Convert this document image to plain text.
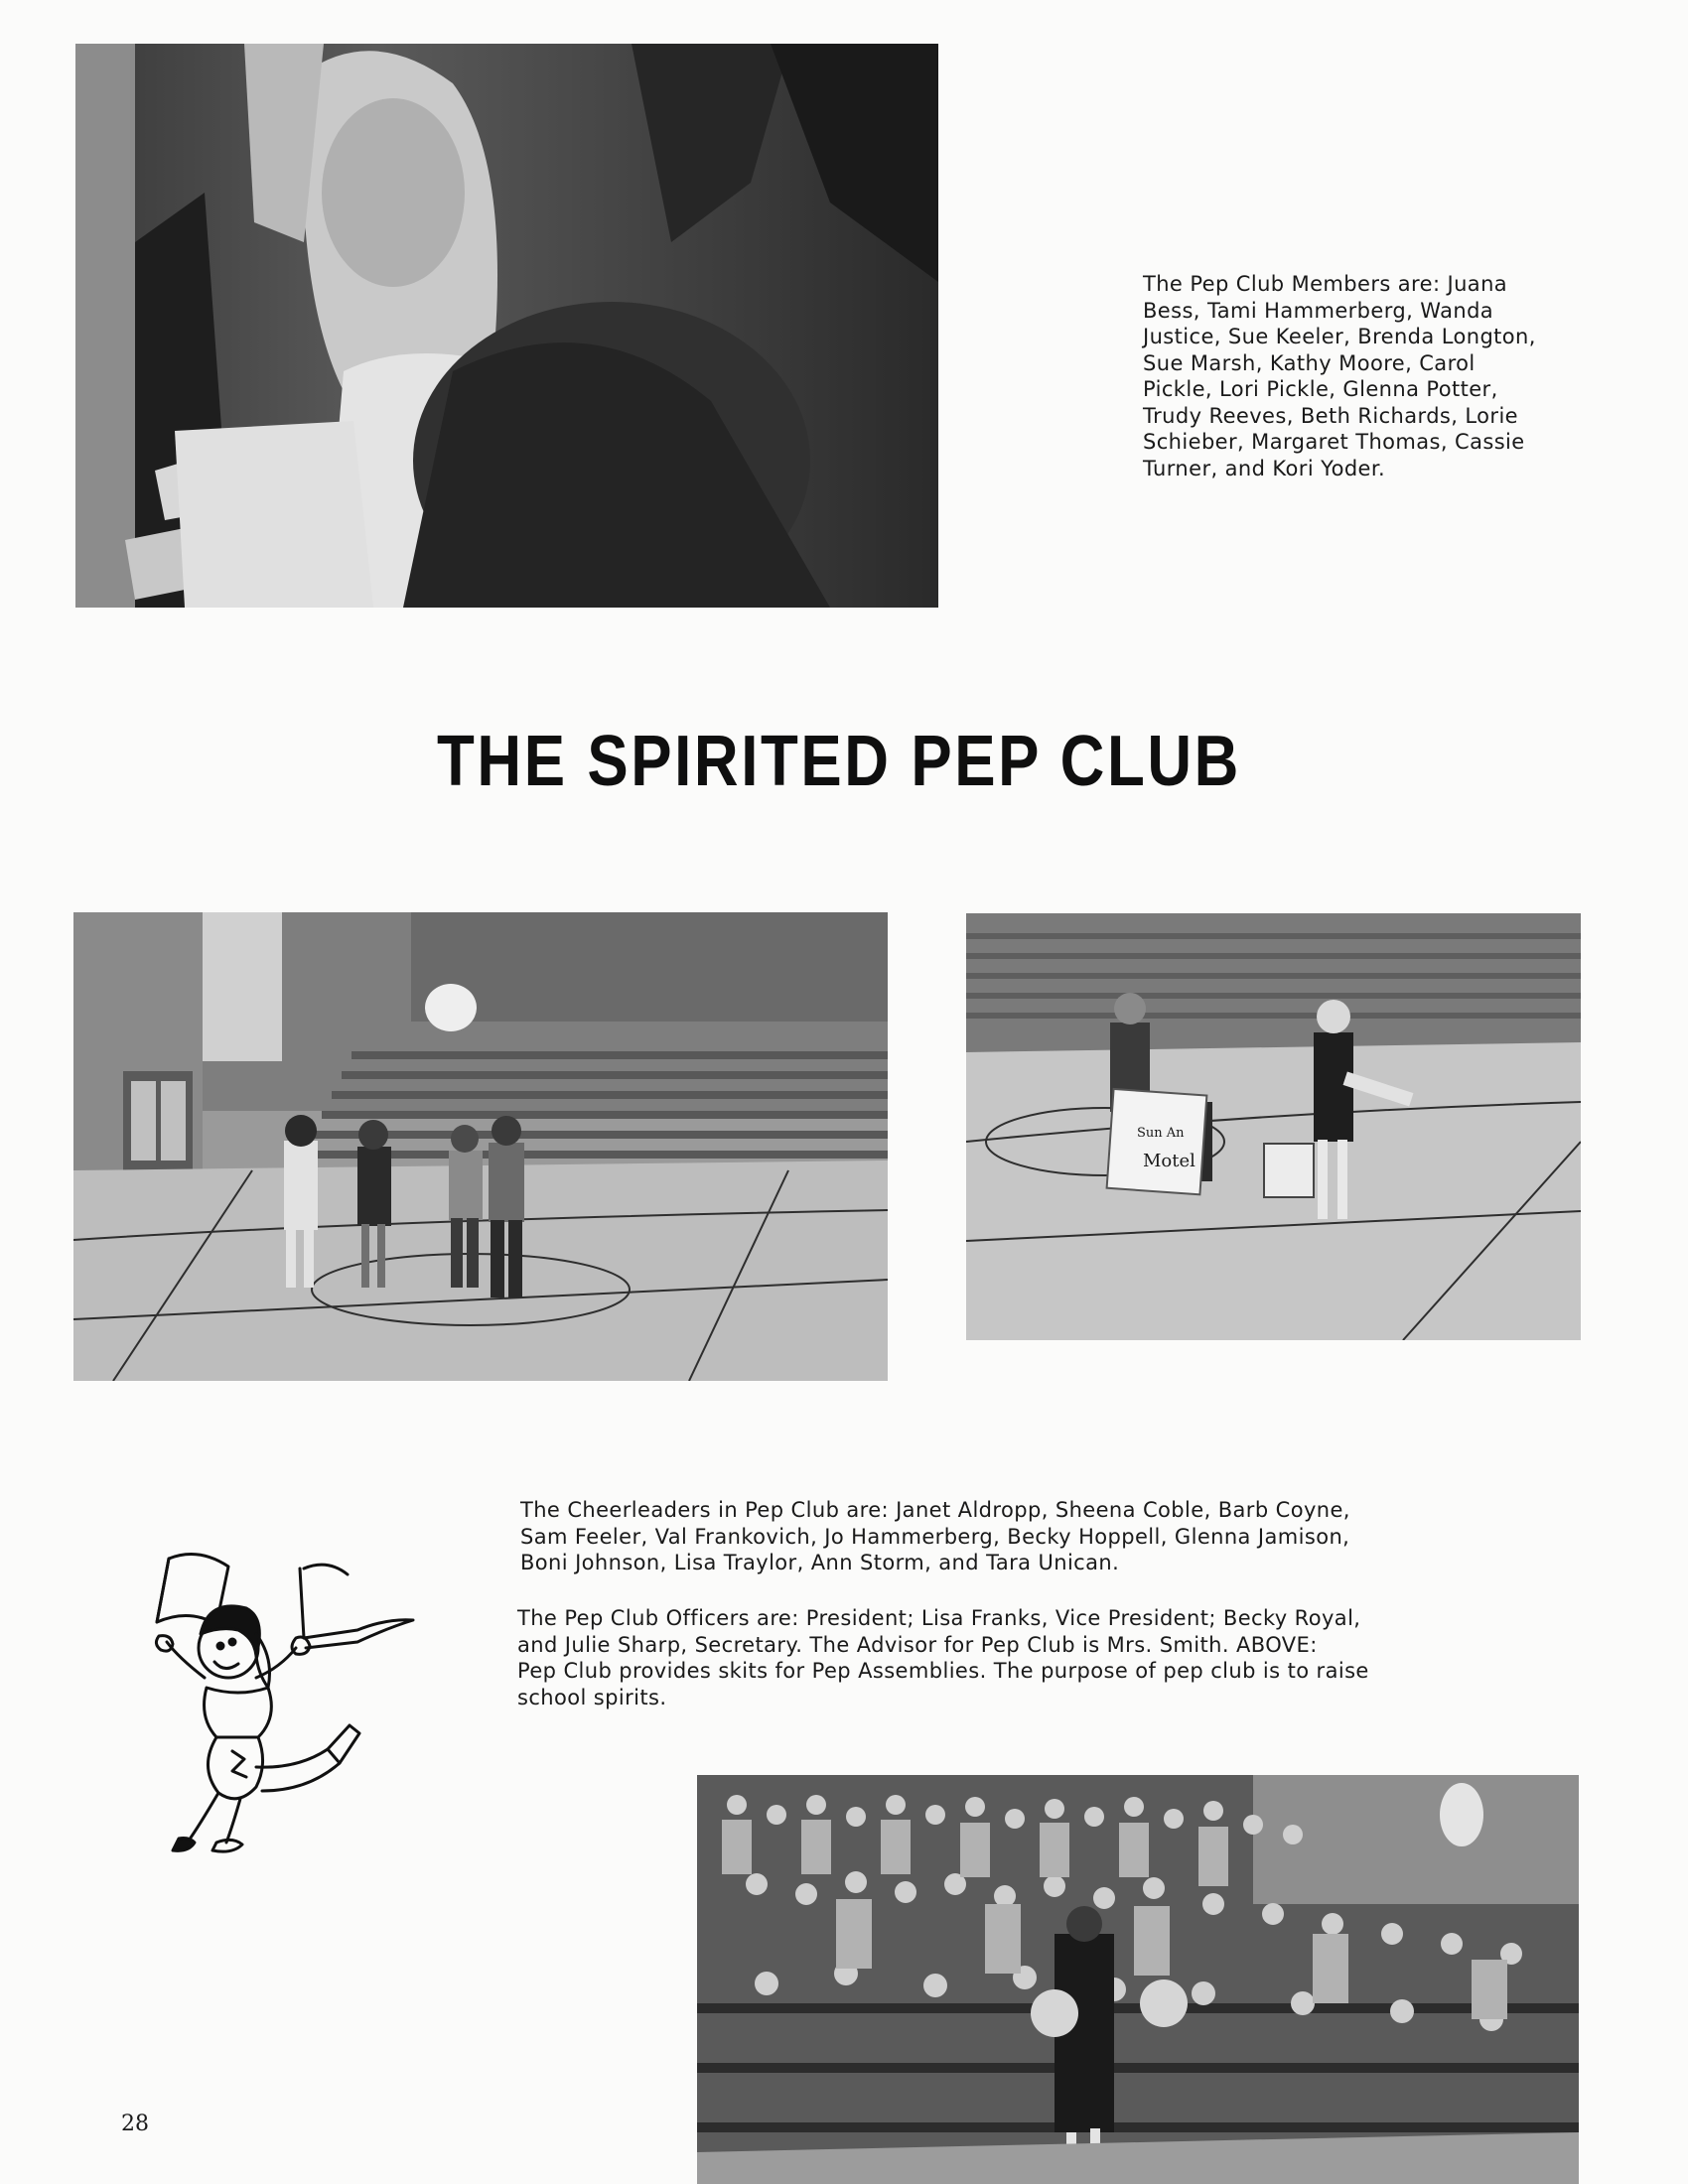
The Pep Club Members are: Juana
Bess, Tami Hammerberg, Wanda
Justice, Sue Keeler, Brenda Longton,
Sue Marsh, Kathy Moore, Carol
Pickle, Lori Pickle, Glenna Potter,
Trudy Reeves, Beth Richards, Lorie
Schieber, Margaret Thomas, Cassie
Turner, and Kori Yoder.

THE SPIRITED PEP CLUB
Sun An
Motel

The Cheerleaders in Pep Club are: Janet Aldropp, Sheena Coble, Barb Coyne,
Sam Feeler, Val Frankovich, Jo Hammerberg, Becky Hoppell, Glenna Jamison,
Boni Johnson, Lisa Traylor, Ann Storm, and Tara Unican.

The Pep Club Officers are: President; Lisa Franks, Vice President; Becky Royal,
and Julie Sharp, Secretary. The Advisor for Pep Club is Mrs. Smith. ABOVE:
Pep Club provides skits for Pep Assemblies. The purpose of pep club is to raise
school spirits.

28
